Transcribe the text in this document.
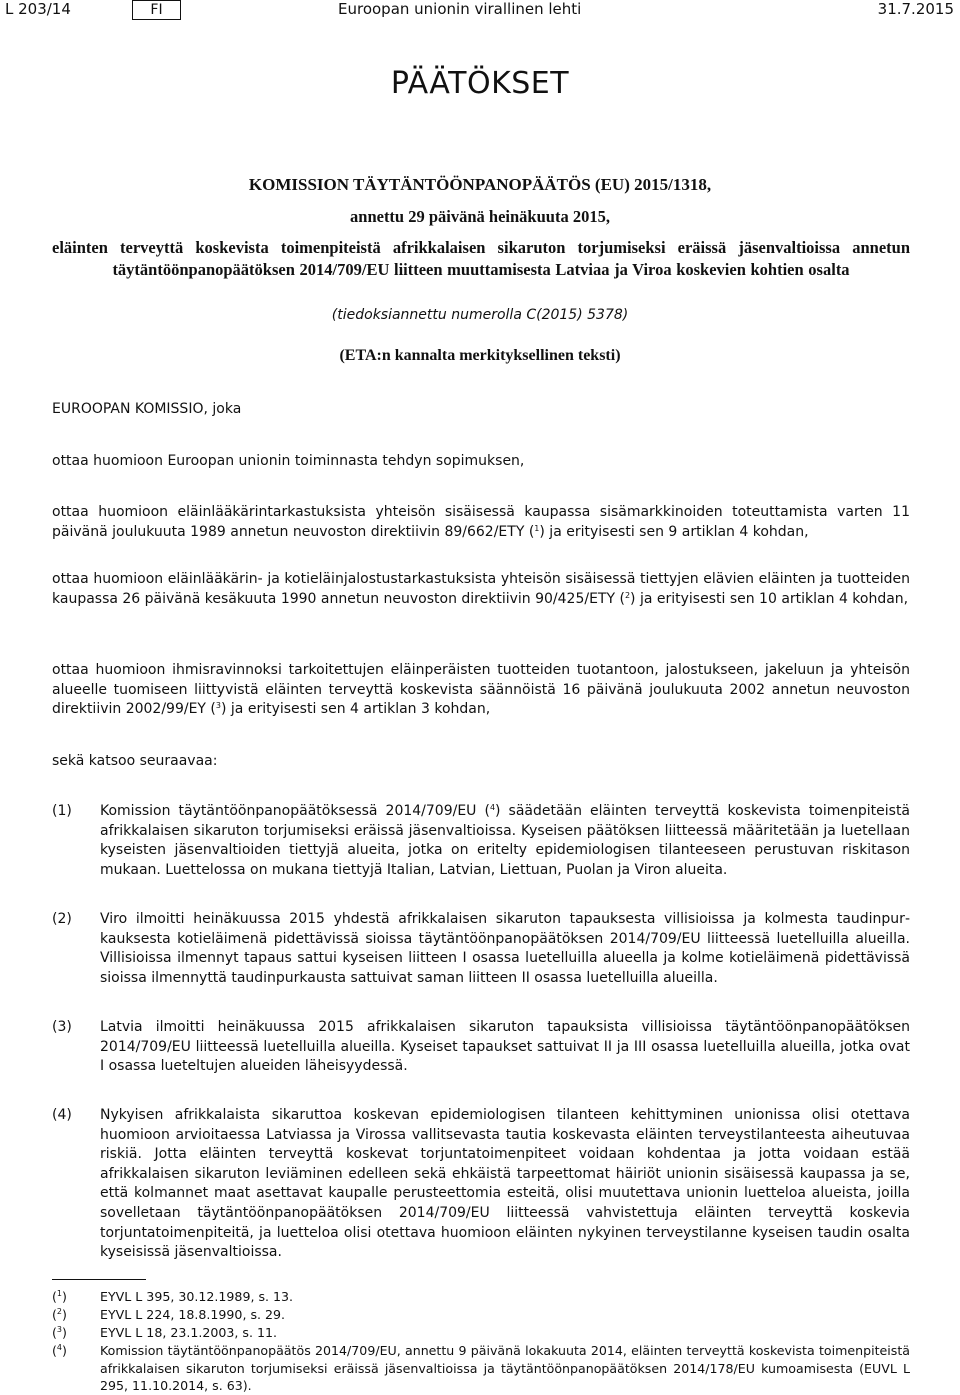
L 203/14	FI	Euroopan unionin virallinen lehti	31.7.2015
PÄÄTÖKSET
KOMISSION TÄYTÄNTÖÖNPANOPÄÄTÖS (EU) 2015/1318,
annettu 29 päivänä heinäkuuta 2015,
eläinten terveyttä koskevista toimenpiteistä afrikkalaisen sikaruton torjumiseksi eräissä jäsenvaltioissa annetun täytäntöönpanopäätöksen 2014/709/EU liitteen muuttamisesta Latviaa ja Viroa koskevien kohtien osalta
(tiedoksiannettu numerolla C(2015) 5378)
(ETA:n kannalta merkityksellinen teksti)
EUROOPAN KOMISSIO, joka
ottaa huomioon Euroopan unionin toiminnasta tehdyn sopimuksen,
ottaa huomioon eläinlääkärintarkastuksista yhteisön sisäisessä kaupassa sisämarkkinoiden toteuttamista varten 11 päivänä joulukuuta 1989 annetun neuvoston direktiivin 89/662/ETY ($^1$) ja erityisesti sen 9 artiklan 4 kohdan,
ottaa huomioon eläinlääkärin- ja kotieläinjalostustarkastuksista yhteisön sisäisessä tiettyjen elävien eläinten ja tuotteiden kaupassa 26 päivänä kesäkuuta 1990 annetun neuvoston direktiivin 90/425/ETY ($^2$) ja erityisesti sen 10 artiklan 4 kohdan,
ottaa huomioon ihmisravinnoksi tarkoitettujen eläinperäisten tuotteiden tuotantoon, jalostukseen, jakeluun ja yhteisön alueelle tuomiseen liittyvistä eläinten terveyttä koskevista säännöistä 16 päivänä joulukuuta 2002 annetun neuvoston direktiivin 2002/99/EY ($^3$) ja erityisesti sen 4 artiklan 3 kohdan,
sekä katsoo seuraavaa:
(1)	Komission täytäntöönpanopäätöksessä 2014/709/EU ($^4$) säädetään eläinten terveyttä koskevista toimenpiteistä afrikkalaisen sikaruton torjumiseksi eräissä jäsenvaltioissa. Kyseisen päätöksen liitteessä määritetään ja luetellaan kyseisten jäsenvaltioiden tiettyjä alueita, jotka on eritelty epidemiologisen tilanteeseen perustuvan riskitason mukaan. Luettelossa on mukana tiettyjä Italian, Latvian, Liettuan, Puolan ja Viron alueita.
(2)	Viro ilmoitti heinäkuussa 2015 yhdestä afrikkalaisen sikaruton tapauksesta villisioissa ja kolmesta taudinpurkauksesta kotieläimenä pidettävissä sioissa täytäntöönpanopäätöksen 2014/709/EU liitteessä luetelluilla alueilla. Villisioissa ilmennyt tapaus sattui kyseisen liitteen I osassa luetelluilla alueella ja kolme kotieläimenä pidettävissä sioissa ilmennyttä taudinpurkausta sattuivat saman liitteen II osassa luetelluilla alueilla.
(3)	Latvia ilmoitti heinäkuussa 2015 afrikkalaisen sikaruton tapauksista villisioissa täytäntöönpanopäätöksen 2014/709/EU liitteessä luetelluilla alueilla. Kyseiset tapaukset sattuivat II ja III osassa luetelluilla alueilla, jotka ovat I osassa lueteltujen alueiden läheisyydessä.
(4)	Nykyisen afrikkalaista sikaruttoa koskevan epidemiologisen tilanteen kehittyminen unionissa olisi otettava huomioon arvioitaessa Latviassa ja Virossa vallitsevasta tautia koskevasta eläinten terveystilanteesta aiheutuvaa riskiä. Jotta eläinten terveyttä koskevat torjuntatoimenpiteet voidaan kohdentaa ja jotta voidaan estää afrikkalaisen sikaruton leviäminen edelleen sekä ehkäistä tarpeettomat häiriöt unionin sisäisessä kaupassa ja se, että kolmannet maat asettavat kaupalle perusteettomia esteitä, olisi muutettava unionin luetteloa alueista, joilla sovelletaan täytäntöönpanopäätöksen 2014/709/EU liitteessä vahvistettuja eläinten terveyttä koskevia torjuntatoimenpiteitä, ja luetteloa olisi otettava huomioon eläinten nykyinen terveystilanne kyseisen taudin osalta kyseisissä jäsenvaltioissa.
($^1$)	EYVL L 395, 30.12.1989, s. 13.
($^2$)	EYVL L 224, 18.8.1990, s. 29.
($^3$)	EYVL L 18, 23.1.2003, s. 11.
($^4$)	Komission täytäntöönpanopäätös 2014/709/EU, annettu 9 päivänä lokakuuta 2014, eläinten terveyttä koskevista toimenpiteistä afrikkalaisen sikaruton torjumiseksi eräissä jäsenvaltioissa ja täytäntöönpanopäätöksen 2014/178/EU kumoamisesta (EUVL L 295, 11.10.2014, s. 63).
